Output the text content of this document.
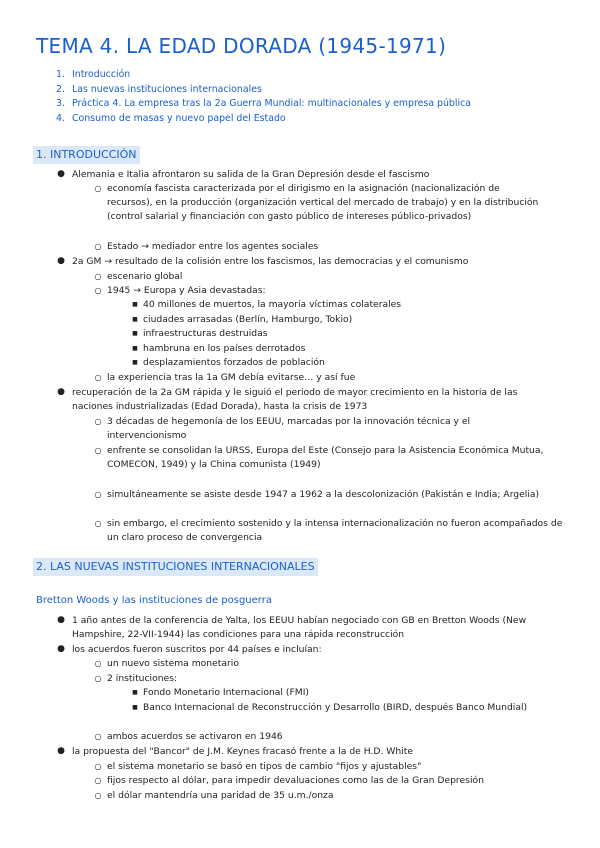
TEMA 4. LA EDAD DORADA (1945-1971)
1. Introducción
2. Las nuevas instituciones internacionales
3. Práctica 4. La empresa tras la 2a Guerra Mundial: multinacionales y empresa pública
4. Consumo de masas y nuevo papel del Estado
1. INTRODUCCIÓN
● Alemania e Italia afrontaron su salida de la Gran Depresión desde el fascismo
○ economía fascista caracterizada por el dirigismo en la asignación (nacionalización de recursos), en la producción (organización vertical del mercado de trabajo) y en la distribución (control salarial y financiación con gasto público de intereses público-privados)
○ Estado → mediador entre los agentes sociales
● 2a GM → resultado de la colisión entre los fascismos, las democracias y el comunismo
○ escenario global
○ 1945 → Europa y Asia devastadas:
■ 40 millones de muertos, la mayoría víctimas colaterales
■ ciudades arrasadas (Berlín, Hamburgo, Tokio)
■ infraestructuras destruidas
■ hambruna en los países derrotados
■ desplazamientos forzados de población
○ la experiencia tras la 1a GM debía evitarse… y así fue
● recuperación de la 2a GM rápida y le siguió el periodo de mayor crecimiento en la historia de las naciones industrializadas (Edad Dorada), hasta la crisis de 1973
○ 3 décadas de hegemonía de los EEUU, marcadas por la innovación técnica y el intervencionismo
○ enfrente se consolidan la URSS, Europa del Este (Consejo para la Asistencia Económica Mutua, COMECON, 1949) y la China comunista (1949)
○ simultáneamente se asiste desde 1947 a 1962 a la descolonización (Pakistán e India; Argelia)
○ sin embargo, el crecimiento sostenido y la intensa internacionalización no fueron acompañados de un claro proceso de convergencia
2. LAS NUEVAS INSTITUCIONES INTERNACIONALES
Bretton Woods y las instituciones de posguerra
● 1 año antes de la conferencia de Yalta, los EEUU habían negociado con GB en Bretton Woods (New Hampshire, 22-VII-1944) las condiciones para una rápida reconstrucción
● los acuerdos fueron suscritos por 44 países e incluían:
○ un nuevo sistema monetario
○ 2 instituciones:
■ Fondo Monetario Internacional (FMI)
■ Banco Internacional de Reconstrucción y Desarrollo (BIRD, después Banco Mundial)
○ ambos acuerdos se activaron en 1946
● la propuesta del "Bancor" de J.M. Keynes fracasó frente a la de H.D. White
○ el sistema monetario se basó en tipos de cambio "fijos y ajustables"
○ fijos respecto al dólar, para impedir devaluaciones como las de la Gran Depresión
○ el dólar mantendría una paridad de 35 u.m./onza
